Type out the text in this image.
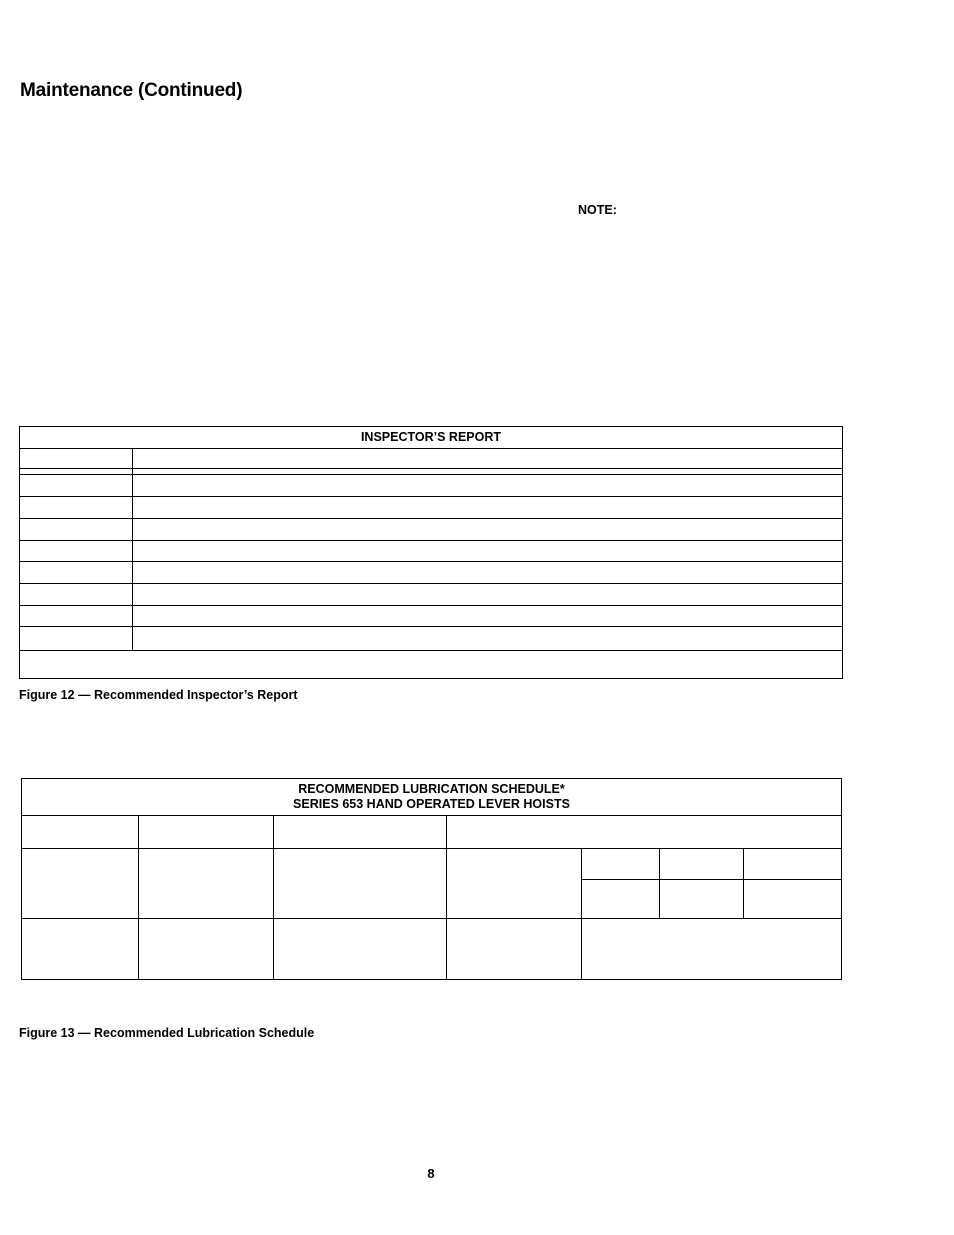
Maintenance (Continued)
NOTE:
INSPECTOR’S REPORT
Figure 12 — Recommended Inspector’s Report
RECOMMENDED LUBRICATION SCHEDULE*
SERIES 653 HAND OPERATED LEVER HOISTS
Figure 13 — Recommended Lubrication Schedule
8
